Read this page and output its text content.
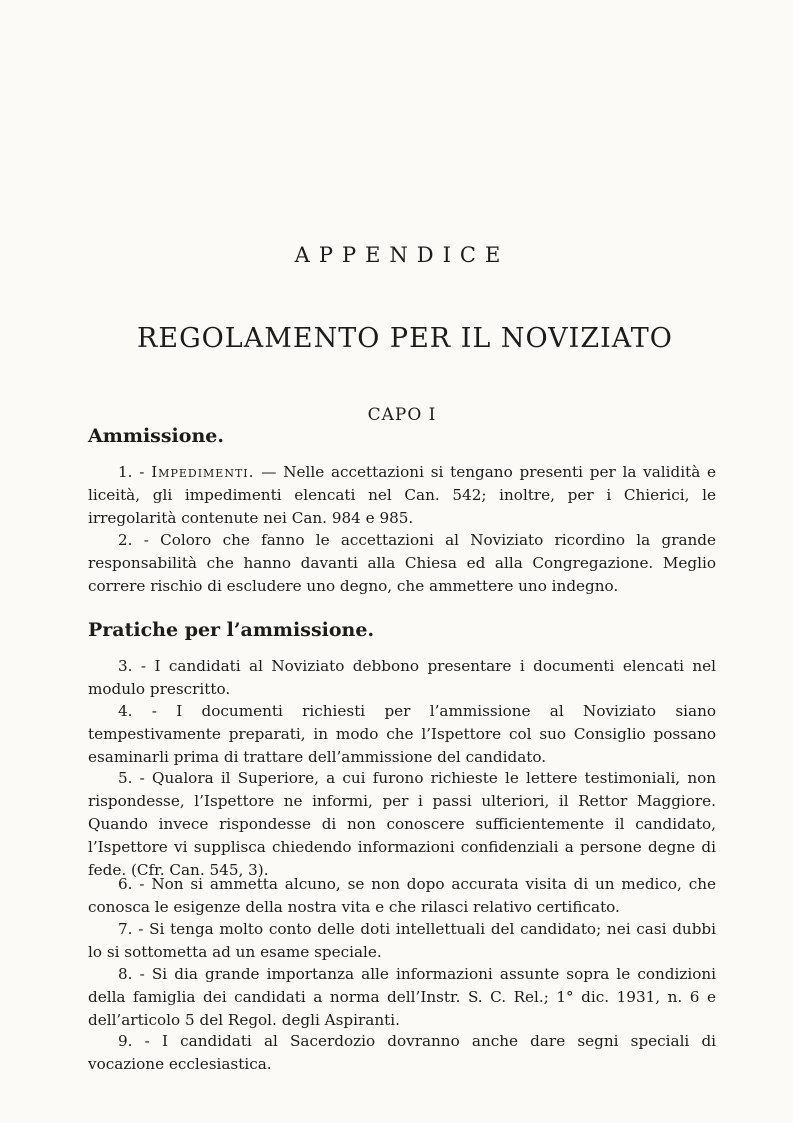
APPENDICE
REGOLAMENTO PER IL NOVIZIATO
CAPO I
Ammissione.

1. - Impedimenti. — Nelle accettazioni si tengano presenti per la validità e liceità, gli impedimenti elencati nel Can. 542; inoltre, per i Chierici, le irregolarità contenute nei Can. 984 e 985.

2. - Coloro che fanno le accettazioni al Noviziato ricordino la grande responsabilità che hanno davanti alla Chiesa ed alla Congregazione. Meglio correre rischio di escludere uno degno, che ammettere uno indegno.

Pratiche per l’ammissione.

3. - I candidati al Noviziato debbono presentare i documenti elencati nel modulo prescritto.

4. - I documenti richiesti per l’ammissione al Noviziato siano tempestivamente preparati, in modo che l’Ispettore col suo Consiglio possano esaminarli prima di trattare dell’ammissione del candidato.

5. - Qualora il Superiore, a cui furono richieste le lettere testimoniali, non rispondesse, l’Ispettore ne informi, per i passi ulteriori, il Rettor Maggiore. Quando invece rispondesse di non conoscere sufficientemente il candidato, l’Ispettore vi supplisca chiedendo informazioni confidenziali a persone degne di fede. (Cfr. Can. 545, 3).

6. - Non si ammetta alcuno, se non dopo accurata visita di un medico, che conosca le esigenze della nostra vita e che rilasci relativo certificato.

7. - Si tenga molto conto delle doti intellettuali del candidato; nei casi dubbi lo si sottometta ad un esame speciale.

8. - Si dia grande importanza alle informazioni assunte sopra le condizioni della famiglia dei candidati a norma dell’Instr. S. C. Rel.; 1° dic. 1931, n. 6 e dell’articolo 5 del Regol. degli Aspiranti.

9. - I candidati al Sacerdozio dovranno anche dare segni speciali di vocazione ecclesiastica.
